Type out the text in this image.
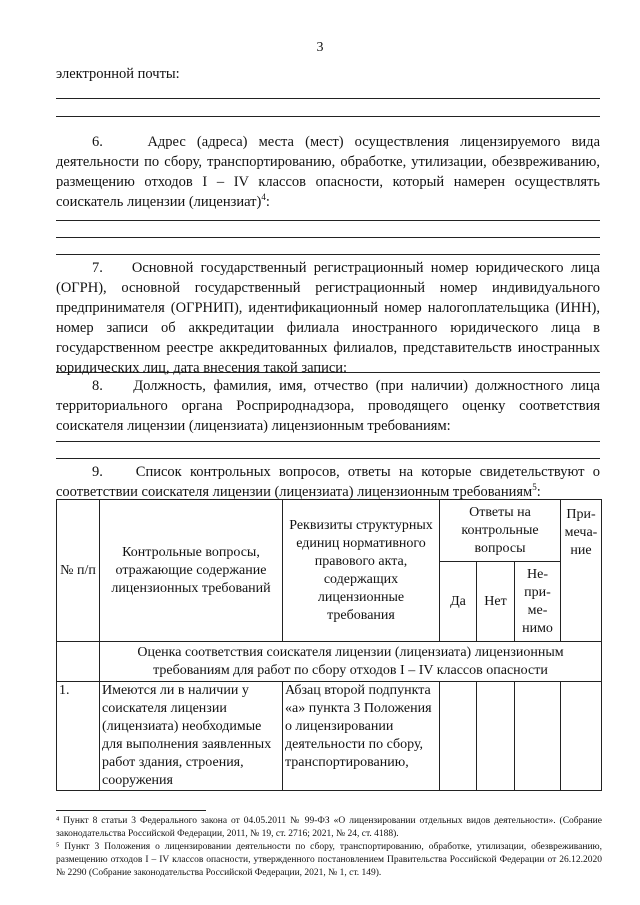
3
электронной почты:
6.    Адрес (адреса) места (мест) осуществления лицензируемого вида деятельности по сбору, транспортированию, обработке, утилизации, обезвреживанию, размещению отходов I – IV классов опасности, который намерен осуществлять соискатель лицензии (лицензиат)$^4$:
7.    Основной государственный регистрационный номер юридического лица (ОГРН), основной государственный регистрационный номер индивидуального предпринимателя (ОГРНИП), идентификационный номер налогоплательщика (ИНН), номер записи об аккредитации филиала иностранного юридического лица в государственном реестре аккредитованных филиалов, представительств иностранных юридических лиц, дата внесения такой записи:
8.    Должность, фамилия, имя, отчество (при наличии) должностного лица территориального органа Росприроднадзора, проводящего оценку соответствия соискателя лицензии (лицензиата) лицензионным требованиям:
9.    Список контрольных вопросов, ответы на которые свидетельствуют о соответствии соискателя лицензии (лицензиата) лицензионным требованиям$^5$:
№ п/п	Контрольные вопросы, отражающие содержание лицензионных требований	Реквизиты структурных единиц нормативного правового акта, содержащих лицензионные требования	Ответы на контрольные вопросы			При-меча-ние
			Да	Нет	Не-при-ме-нимо	
	Оценка соответствия соискателя лицензии (лицензиата) лицензионным требованиям для работ по сбору отходов I – IV классов опасности					
1.	Имеются ли в наличии у соискателя лицензии (лицензиата) необходимые для выполнения заявленных работ здания, строения, сооружения	Абзац второй подпункта «а» пункта 3 Положения о лицензировании деятельности по сбору, транспортированию,				
⁴ Пункт 8 статьи 3 Федерального закона от 04.05.2011 № 99-ФЗ «О лицензировании отдельных видов деятельности». (Собрание законодательства Российской Федерации, 2011, № 19, ст. 2716; 2021, № 24, ст. 4188).
⁵ Пункт 3 Положения о лицензировании деятельности по сбору, транспортированию, обработке, утилизации, обезвреживанию, размещению отходов I – IV классов опасности, утвержденного постановлением Правительства Российской Федерации от 26.12.2020 № 2290 (Собрание законодательства Российской Федерации, 2021, № 1, ст. 149).
